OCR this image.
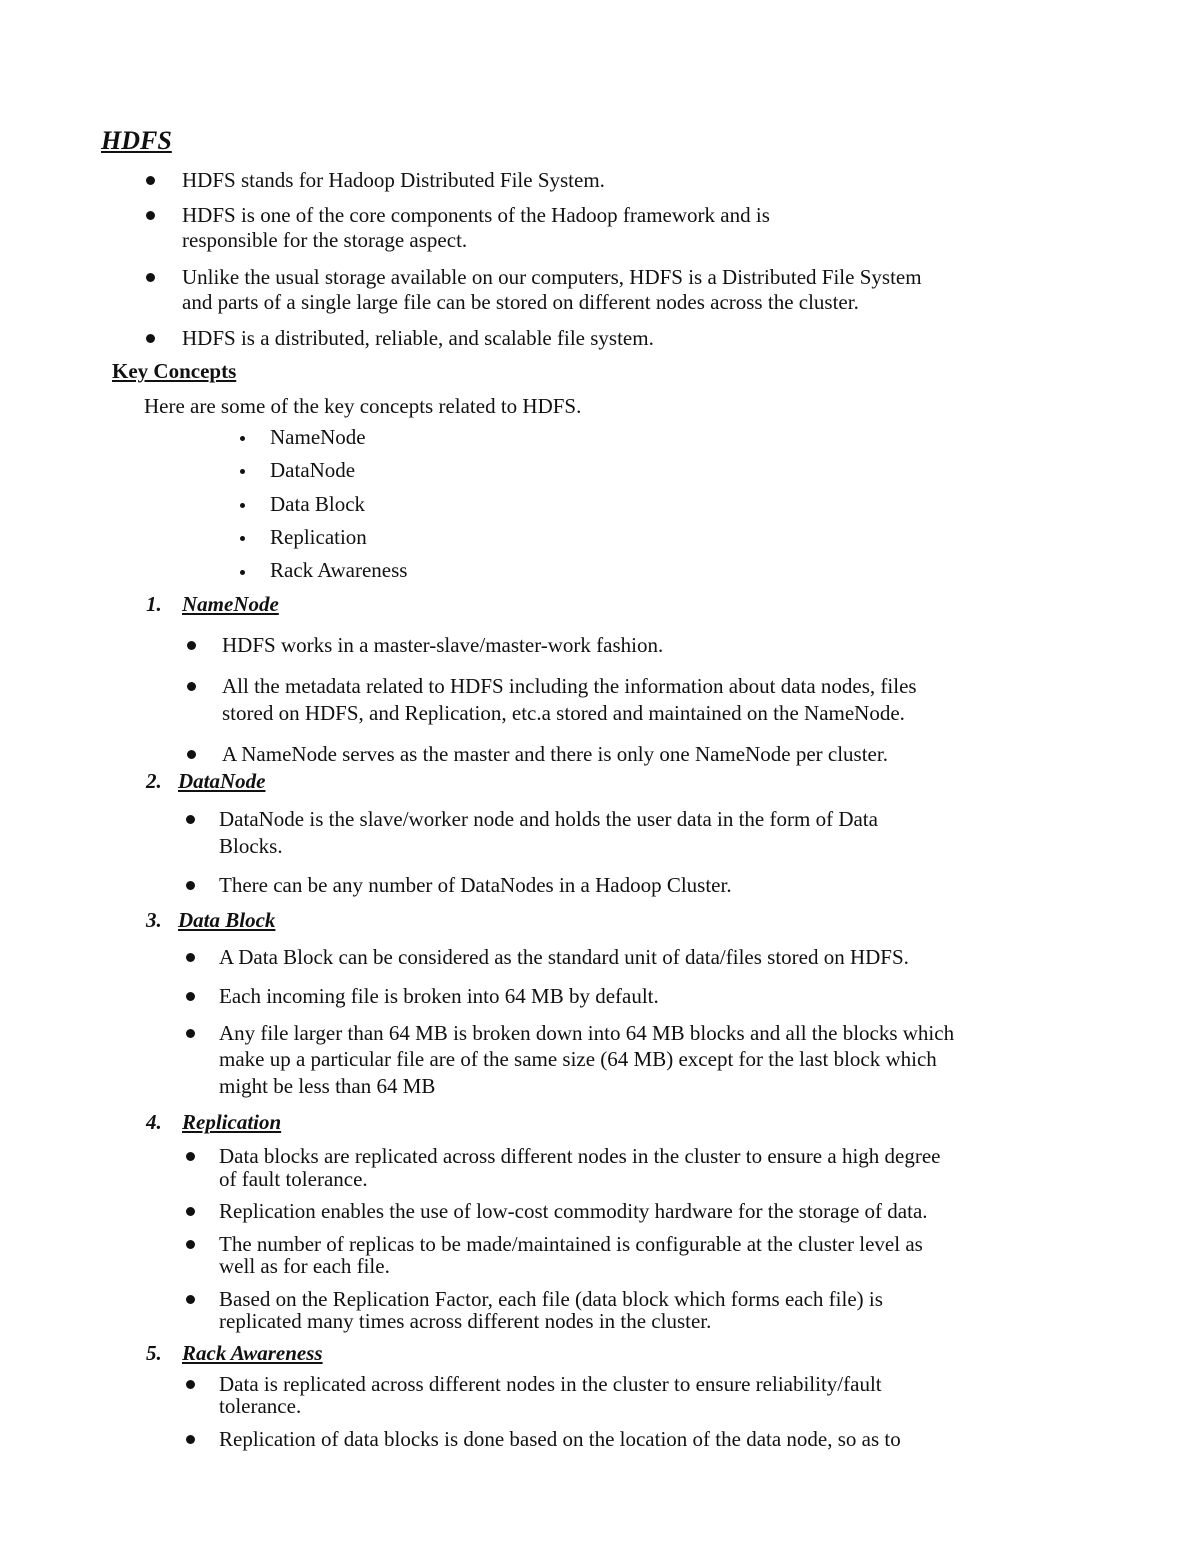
HDFS
HDFS stands for Hadoop Distributed File System.
HDFS is one of the core components of the Hadoop framework and is
responsible for the storage aspect.
Unlike the usual storage available on our computers, HDFS is a Distributed File System
and parts of a single large file can be stored on different nodes across the cluster.
HDFS is a distributed, reliable, and scalable file system.
Key Concepts
Here are some of the key concepts related to HDFS.
NameNode
DataNode
Data Block
Replication
Rack Awareness
1. NameNode
HDFS works in a master-slave/master-work fashion.
All the metadata related to HDFS including the information about data nodes, files
stored on HDFS, and Replication, etc.a stored and maintained on the NameNode.
A NameNode serves as the master and there is only one NameNode per cluster.
2. DataNode
DataNode is the slave/worker node and holds the user data in the form of Data
Blocks.
There can be any number of DataNodes in a Hadoop Cluster.
3. Data Block
A Data Block can be considered as the standard unit of data/files stored on HDFS.
Each incoming file is broken into 64 MB by default.
Any file larger than 64 MB is broken down into 64 MB blocks and all the blocks which
make up a particular file are of the same size (64 MB) except for the last block which
might be less than 64 MB
4. Replication
Data blocks are replicated across different nodes in the cluster to ensure a high degree
of fault tolerance.
Replication enables the use of low-cost commodity hardware for the storage of data.
The number of replicas to be made/maintained is configurable at the cluster level as
well as for each file.
Based on the Replication Factor, each file (data block which forms each file) is
replicated many times across different nodes in the cluster.
5. Rack Awareness
Data is replicated across different nodes in the cluster to ensure reliability/fault
tolerance.
Replication of data blocks is done based on the location of the data node, so as to
